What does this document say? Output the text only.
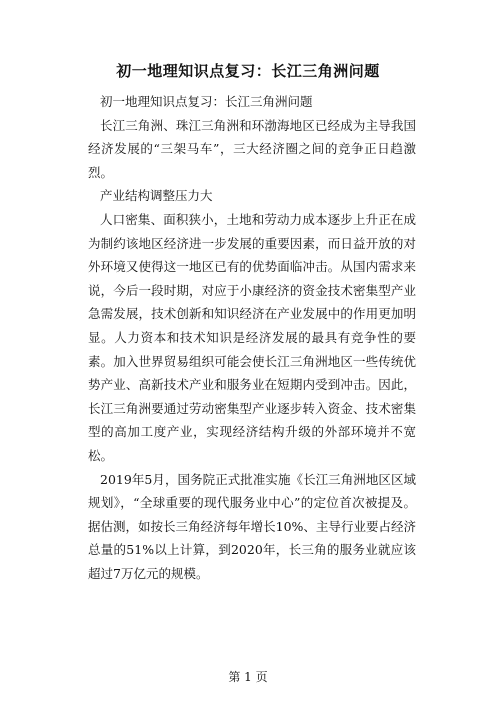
初一地理知识点复习：长江三角洲问题

初一地理知识点复习：长江三角洲问题

长江三角洲、珠江三角洲和环渤海地区已经成为主导我国经济发展的“三架马车”，三大经济圈之间的竞争正日趋激烈。

产业结构调整压力大

人口密集、面积狭小，土地和劳动力成本逐步上升正在成为制约该地区经济进一步发展的重要因素，而日益开放的对外环境又使得这一地区已有的优势面临冲击。从国内需求来说，今后一段时期，对应于小康经济的资金技术密集型产业急需发展，技术创新和知识经济在产业发展中的作用更加明显。人力资本和技术知识是经济发展的最具有竞争性的要素。加入世界贸易组织可能会使长江三角洲地区一些传统优势产业、高新技术产业和服务业在短期内受到冲击。因此，长江三角洲要通过劳动密集型产业逐步转入资金、技术密集型的高加工度产业，实现经济结构升级的外部环境并不宽松。

2019年5月，国务院正式批准实施《长江三角洲地区区域规划》，“全球重要的现代服务业中心”的定位首次被提及。据估测，如按长三角经济每年增长10%、主导行业要占经济总量的51%以上计算，到2020年，长三角的服务业就应该超过7万亿元的规模。

第 1 页
